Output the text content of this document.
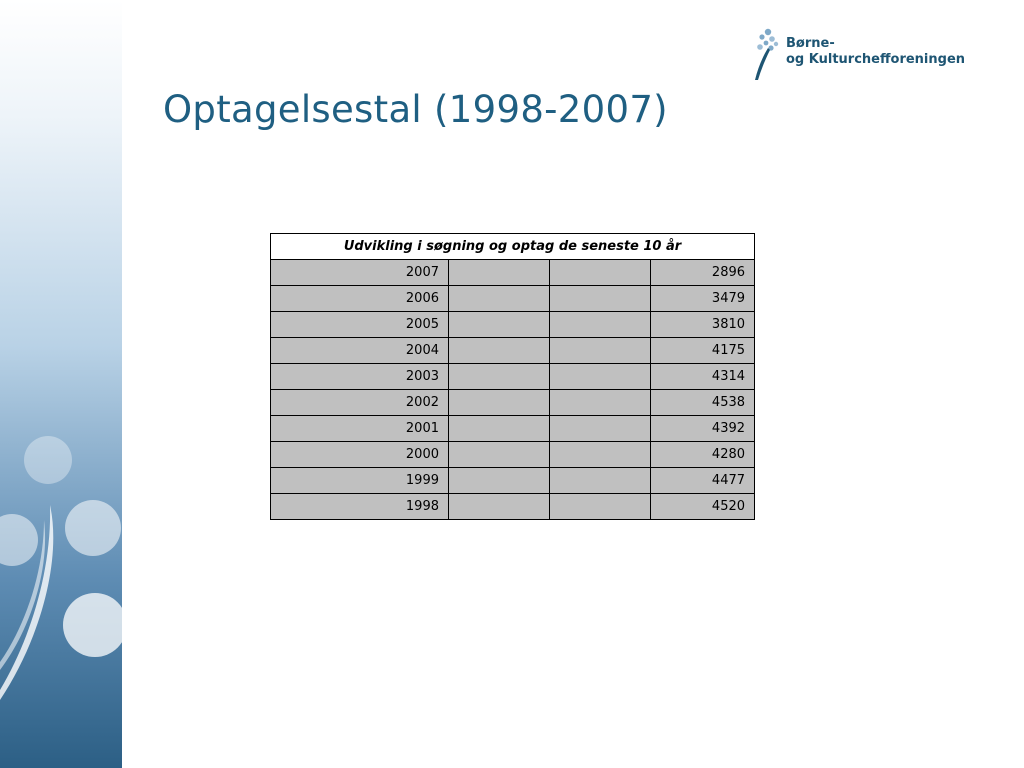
Børne-
og Kulturchefforeningen
Optagelsestal (1998-2007)
Udvikling i søgning og optag de seneste 10 år			
2007			2896
2006			3479
2005			3810
2004			4175
2003			4314
2002			4538
2001			4392
2000			4280
1999			4477
1998			4520
